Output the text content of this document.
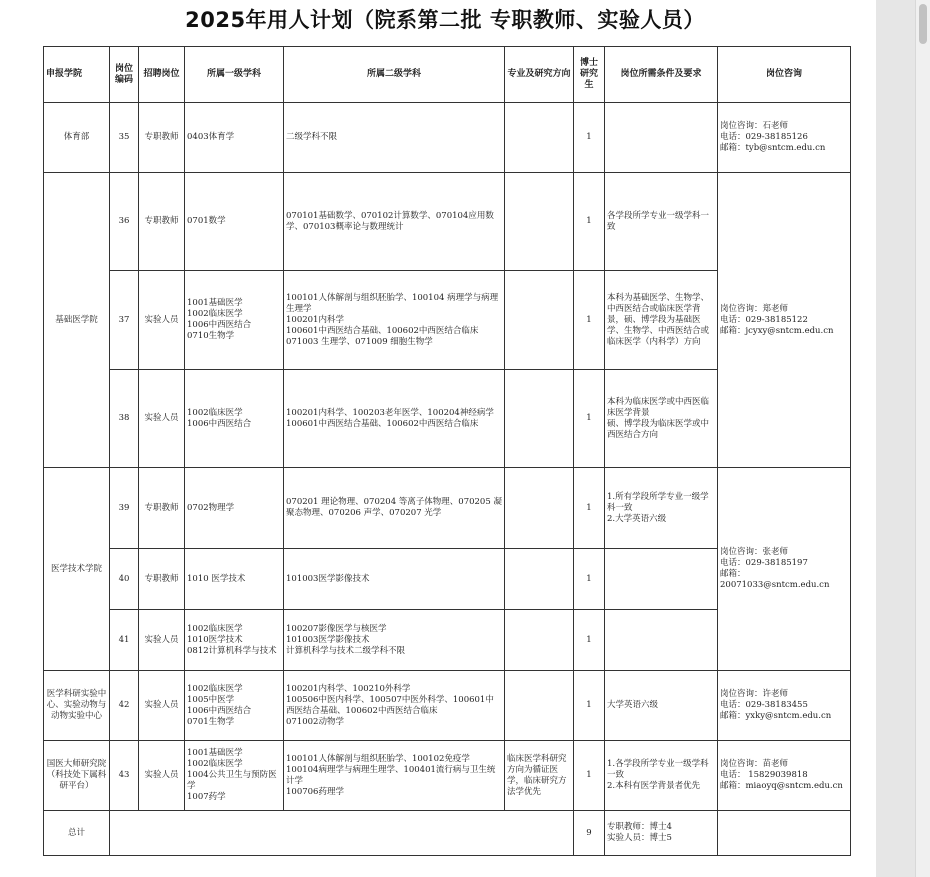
2025年用人计划（院系第二批 专职教师、实验人员）
申报学院	岗位编码	招聘岗位	所属一级学科	所属二级学科	专业及研究方向	博士研究生	岗位所需条件及要求	岗位咨询
体育部	35	专职教师	0403体育学	二级学科不限		1		岗位咨询：石老师
电话：029-38185126
邮箱：tyb@sntcm.edu.cn
基础医学院	36	专职教师	0701数学	070101基础数学、070102计算数学、070104应用数学、070103概率论与数理统计		1	各学段所学专业一级学科一致	岗位咨询：郑老师
电话：029-38185122
邮箱：jcyxy@sntcm.edu.cn
	37	实验人员	1001基础医学
1002临床医学
1006中西医结合
0710生物学	100101人体解剖与组织胚胎学、100104 病理学与病理生理学
100201内科学
100601中西医结合基础、100602中西医结合临床
071003 生理学、071009 细胞生物学		1	本科为基础医学、生物学、中西医结合或临床医学背景，硕、博学段为基础医学、生物学、中西医结合或临床医学（内科学）方向	
	38	实验人员	1002临床医学
1006中西医结合	100201内科学、100203老年医学、100204神经病学
100601中西医结合基础、100602中西医结合临床		1	本科为临床医学或中西医临床医学背景
硕、博学段为临床医学或中西医结合方向	
医学技术学院	39	专职教师	0702物理学	070201 理论物理、070204 等离子体物理、070205 凝聚态物理、070206 声学、070207 光学		1	1.所有学段所学专业一级学科一致
2.大学英语六级	岗位咨询：张老师
电话：029-38185197
邮箱：20071033@sntcm.edu.cn
	40	专职教师	1010 医学技术	101003医学影像技术		1		
	41	实验人员	1002临床医学
1010医学技术
0812计算机科学与技术	100207影像医学与核医学
101003医学影像技术
计算机科学与技术二级学科不限		1		
医学科研实验中心、实验动物与动物实验中心	42	实验人员	1002临床医学
1005中医学
1006中西医结合
0701生物学	100201内科学、100210外科学
100506中医内科学、100507中医外科学、100601中西医结合基础、100602中西医结合临床
071002动物学		1	大学英语六级	岗位咨询：许老师
电话：029-38183455
邮箱：yxky@sntcm.edu.cn
国医大师研究院（科技处下属科研平台）	43	实验人员	1001基础医学
1002临床医学
1004公共卫生与预防医学
1007药学	100101人体解剖与组织胚胎学、100102免疫学
100104病理学与病理生理学、100401流行病与卫生统计学
100706药理学	临床医学科研究方向为循证医学，临床研究方法学优先	1	1.各学段所学专业一级学科一致
2.本科有医学背景者优先	岗位咨询：苗老师
电话： 15829039818
邮箱：miaoyq@sntcm.edu.cn
总计						9	专职教师：博士4
实验人员：博士5	
